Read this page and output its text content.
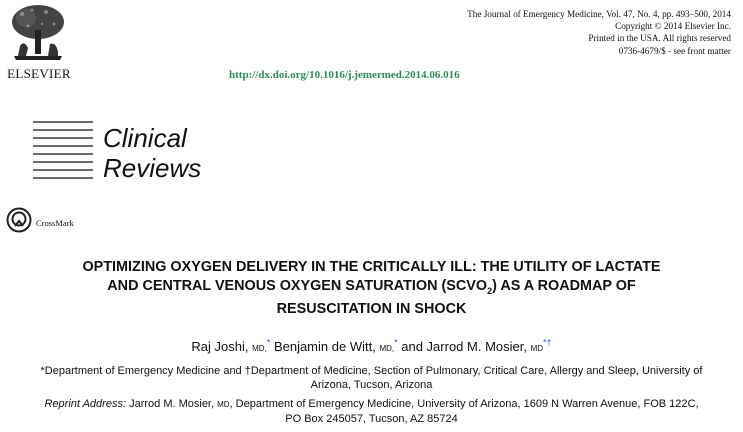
ELSEVIER
The Journal of Emergency Medicine, Vol. 47, No. 4, pp. 493–500, 2014
Copyright © 2014 Elsevier Inc.
Printed in the USA. All rights reserved
0736-4679/$ - see front matter
http://dx.doi.org/10.1016/j.jemermed.2014.06.016
Clinical
Reviews
CrossMark
OPTIMIZING OXYGEN DELIVERY IN THE CRITICALLY ILL: THE UTILITY OF LACTATE
AND CENTRAL VENOUS OXYGEN SATURATION $(SCVO_2)$ AS A ROADMAP OF
RESUSCITATION IN SHOCK
Raj Joshi, MD,* Benjamin de Witt, MD,* and Jarrod M. Mosier, MD*†
*Department of Emergency Medicine and †Department of Medicine, Section of Pulmonary, Critical Care, Allergy and Sleep, University of
Arizona, Tucson, Arizona
Reprint Address: Jarrod M. Mosier, MD, Department of Emergency Medicine, University of Arizona, 1609 N Warren Avenue, FOB 122C,
PO Box 245057, Tucson, AZ 85724
